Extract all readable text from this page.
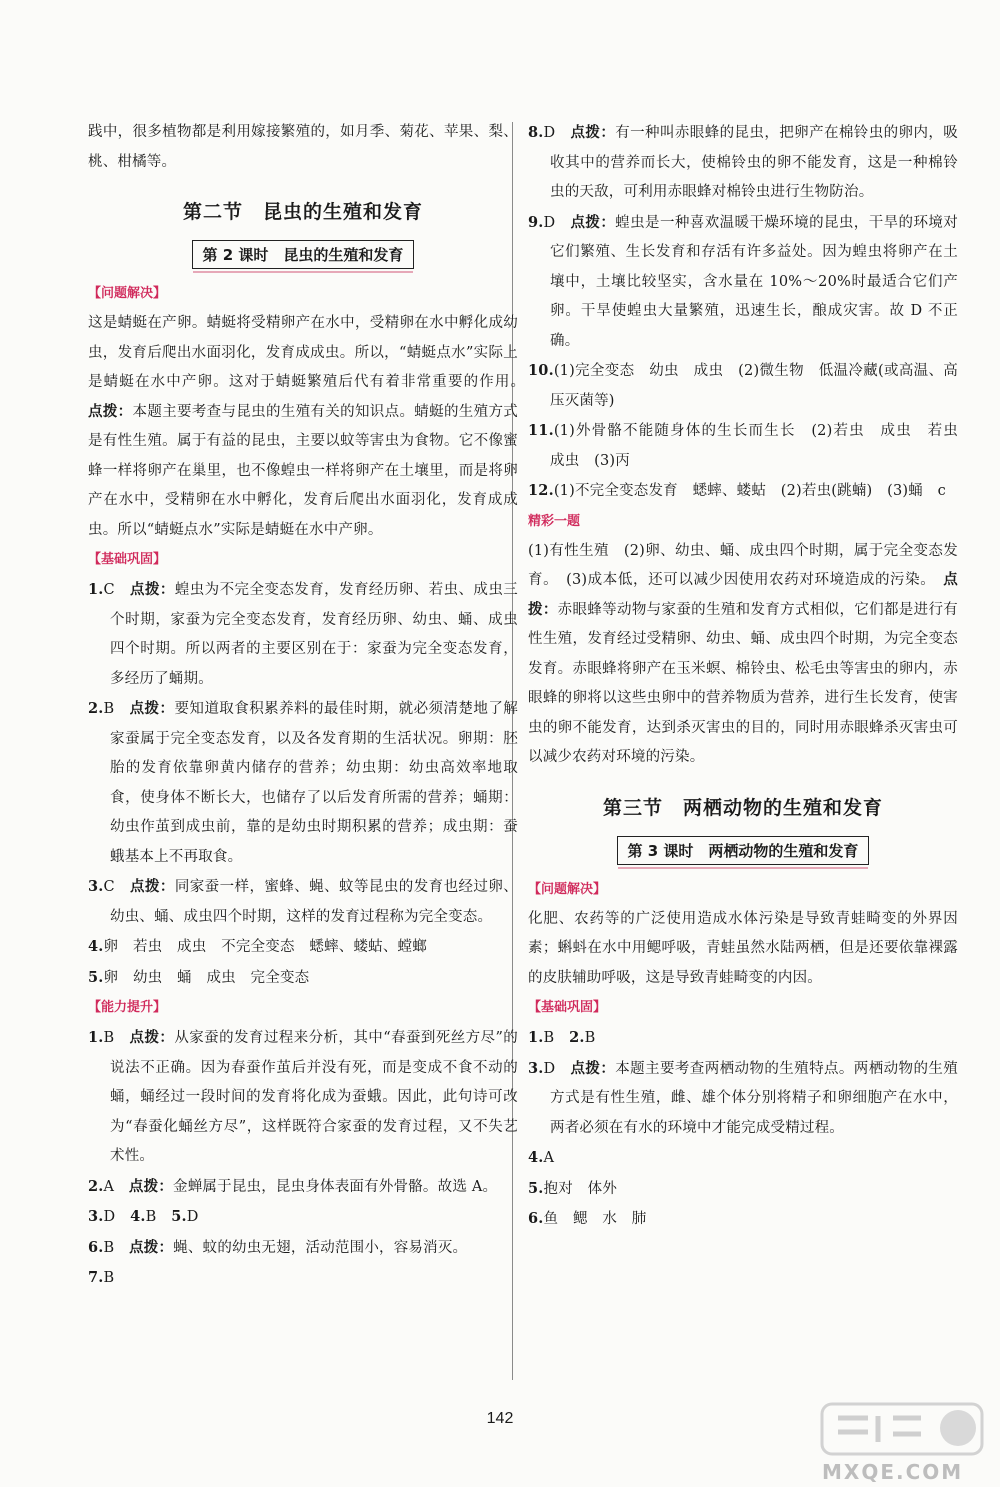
践中，很多植物都是利用嫁接繁殖的，如月季、菊花、苹果、梨、桃、柑橘等。

第二节　昆虫的生殖和发育
第 2 课时　昆虫的生殖和发育
【问题解决】

这是蜻蜓在产卵。蜻蜓将受精卵产在水中，受精卵在水中孵化成幼虫，发育后爬出水面羽化，发育成成虫。所以，“蜻蜓点水”实际上是蜻蜓在水中产卵。这对于蜻蜓繁殖后代有着非常重要的作用。　点拨：本题主要考查与昆虫的生殖有关的知识点。蜻蜓的生殖方式是有性生殖。属于有益的昆虫，主要以蚊等害虫为食物。它不像蜜蜂一样将卵产在巢里，也不像蝗虫一样将卵产在土壤里，而是将卵产在水中，受精卵在水中孵化，发育后爬出水面羽化，发育成成虫。所以“蜻蜓点水”实际是蜻蜓在水中产卵。

【基础巩固】

1.C　点拨：蝗虫为不完全变态发育，发育经历卵、若虫、成虫三个时期，家蚕为完全变态发育，发育经历卵、幼虫、蛹、成虫四个时期。所以两者的主要区别在于：家蚕为完全变态发育，多经历了蛹期。

2.B　点拨：要知道取食积累养料的最佳时期，就必须清楚地了解家蚕属于完全变态发育，以及各发育期的生活状况。卵期：胚胎的发育依靠卵黄内储存的营养；幼虫期：幼虫高效率地取食，使身体不断长大，也储存了以后发育所需的营养；蛹期：幼虫作茧到成虫前，靠的是幼虫时期积累的营养；成虫期：蚕蛾基本上不再取食。

3.C　点拨：同家蚕一样，蜜蜂、蝇、蚊等昆虫的发育也经过卵、幼虫、蛹、成虫四个时期，这样的发育过程称为完全变态。

4.卵　若虫　成虫　不完全变态　蟋蟀、蝼蛄、螳螂

5.卵　幼虫　蛹　成虫　完全变态

【能力提升】

1.B　点拨：从家蚕的发育过程来分析，其中“春蚕到死丝方尽”的说法不正确。因为春蚕作茧后并没有死，而是变成不食不动的蛹，蛹经过一段时间的发育将化成为蚕蛾。因此，此句诗可改为“春蚕化蛹丝方尽”，这样既符合家蚕的发育过程，又不失艺术性。

2.A　点拨：金蝉属于昆虫，昆虫身体表面有外骨骼。故选 A。

3.D　4.B　5.D

6.B　点拨：蝇、蚊的幼虫无翅，活动范围小，容易消灭。

7.B

8.D　点拨：有一种叫赤眼蜂的昆虫，把卵产在棉铃虫的卵内，吸收其中的营养而长大，使棉铃虫的卵不能发育，这是一种棉铃虫的天敌，可利用赤眼蜂对棉铃虫进行生物防治。

9.D　点拨：蝗虫是一种喜欢温暖干燥环境的昆虫，干旱的环境对它们繁殖、生长发育和存活有许多益处。因为蝗虫将卵产在土壤中，土壤比较坚实，含水量在 10%～20%时最适合它们产卵。干旱使蝗虫大量繁殖，迅速生长，酿成灾害。故 D 不正确。

10.(1)完全变态　幼虫　成虫　(2)微生物　低温冷藏(或高温、高压灭菌等)

11.(1)外骨骼不能随身体的生长而生长　(2)若虫　成虫　若虫　成虫　(3)丙

12.(1)不完全变态发育　蟋蟀、蝼蛄　(2)若虫(跳蝻)　(3)蛹　c

精彩一题

(1)有性生殖　(2)卵、幼虫、蛹、成虫四个时期，属于完全变态发育。　(3)成本低，还可以减少因使用农药对环境造成的污染。　 点拨：赤眼蜂等动物与家蚕的生殖和发育方式相似，它们都是进行有性生殖，发育经过受精卵、幼虫、蛹、成虫四个时期，为完全变态发育。赤眼蜂将卵产在玉米螟、棉铃虫、松毛虫等害虫的卵内，赤眼蜂的卵将以这些虫卵中的营养物质为营养，进行生长发育，使害虫的卵不能发育，达到杀灭害虫的目的，同时用赤眼蜂杀灭害虫可以减少农药对环境的污染。

第三节　两栖动物的生殖和发育
第 3 课时　两栖动物的生殖和发育
【问题解决】

化肥、农药等的广泛使用造成水体污染是导致青蛙畸变的外界因素；蝌蚪在水中用鳃呼吸，青蛙虽然水陆两栖，但是还要依靠裸露的皮肤辅助呼吸，这是导致青蛙畸变的内因。

【基础巩固】

1.B　2.B

3.D　点拨：本题主要考查两栖动物的生殖特点。两栖动物的生殖方式是有性生殖，雌、雄个体分别将精子和卵细胞产在水中，两者必须在有水的环境中才能完成受精过程。

4.A

5.抱对　体外

6.鱼　鳃　水　肺

142
MXQE.COM
